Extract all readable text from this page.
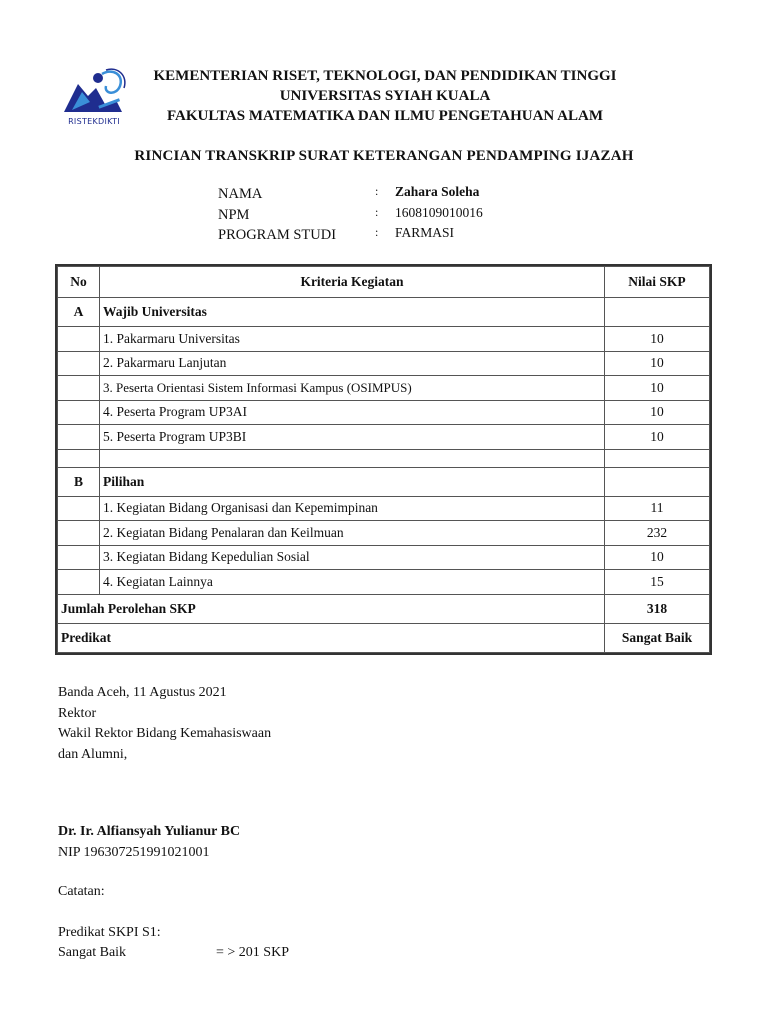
RISTEKDIKTI
KEMENTERIAN RISET, TEKNOLOGI, DAN PENDIDIKAN TINGGI
UNIVERSITAS SYIAH KUALA
FAKULTAS MATEMATIKA DAN ILMU PENGETAHUAN ALAM
RINCIAN TRANSKRIP SURAT KETERANGAN PENDAMPING IJAZAH
NAMA	: Zahara Soleha
NPM	: 1608109010016
PROGRAM STUDI	: FARMASI
No	Kriteria Kegiatan	Nilai SKP
A	Wajib Universitas	
	1. Pakarmaru Universitas	10
	2. Pakarmaru Lanjutan	10
	3. Peserta Orientasi Sistem Informasi Kampus (OSIMPUS)	10
	4. Peserta Program UP3AI	10
	5. Peserta Program UP3BI	10

B	Pilihan	
	1. Kegiatan Bidang Organisasi dan Kepemimpinan	11
	2. Kegiatan Bidang Penalaran dan Keilmuan	232
	3. Kegiatan Bidang Kepedulian Sosial	10
	4. Kegiatan Lainnya	15
Jumlah Perolehan SKP		318
Predikat		Sangat Baik
Banda Aceh, 11 Agustus 2021
Rektor
Wakil Rektor Bidang Kemahasiswaan
dan Alumni,
Dr. Ir. Alfiansyah Yulianur BC
NIP 196307251991021001
Catatan:
Predikat SKPI S1:
Sangat Baik	= > 201 SKP
